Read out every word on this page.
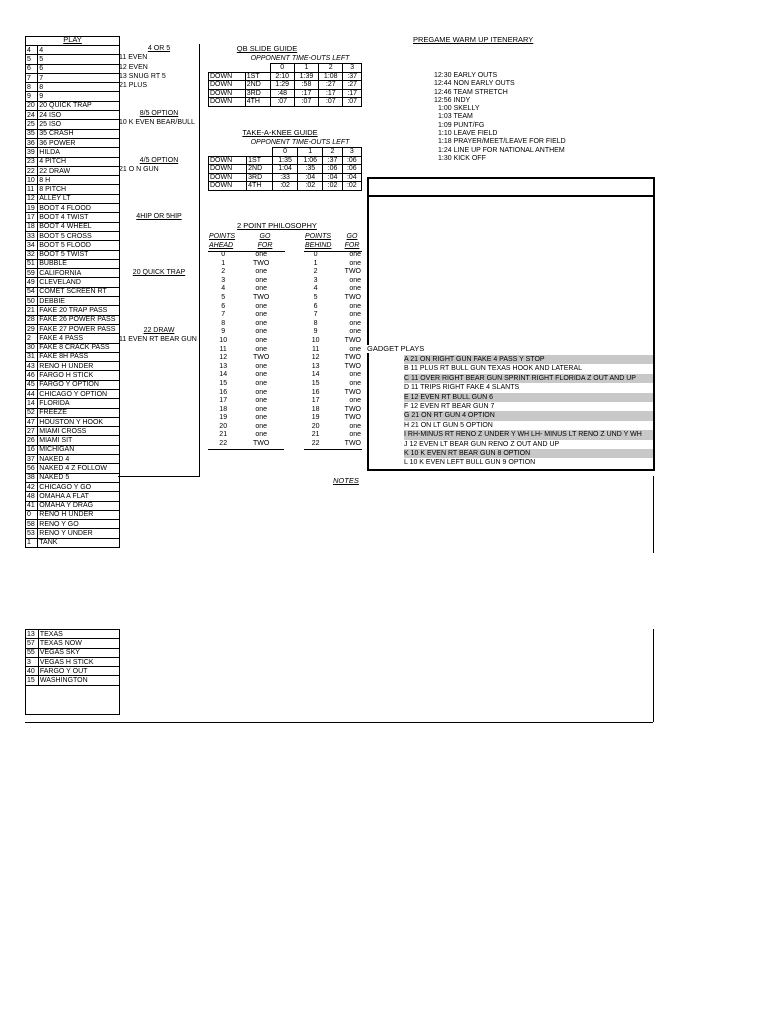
PLAY
4	4
5	5
6	6
7	7
8	8
9	9
20	20 QUICK TRAP
24	24 ISO
25	25 ISO
35	35 CRASH
36	36 POWER
39	HILDA
23	4 PITCH
22	22 DRAW
10	8 H
11	8 PITCH
12	ALLEY LT
19	BOOT 4 FLOOD
17	BOOT 4 TWIST
18	BOOT 4 WHEEL
33	BOOT 5 CROSS
34	BOOT 5 FLOOD
32	BOOT 5 TWIST
51	BUBBLE
59	CALIFORNIA
49	CLEVELAND
54	COMET SCREEN RT
50	DEBBIE
21	FAKE 20 TRAP PASS
28	FAKE 26 POWER PASS
29	FAKE 27 POWER PASS
2	FAKE 4 PASS
30	FAKE 8 CRACK PASS
31	FAKE 8H PASS
43	RENO H UNDER
46	FARGO H STICK
45	FARGO Y OPTION
44	CHICAGO Y OPTION
14	FLORIDA
52	FREEZE
47	HOUSTON Y HOOK
27	MIAMI CROSS
26	MIAMI SIT
16	MICHIGAN
37	NAKED 4
56	NAKED 4 Z FOLLOW
38	NAKED 5
42	CHICAGO Y GO
48	OMAHA A FLAT
41	OMAHA Y DRAG
0	RENO H UNDER
58	RENO Y GO
53	RENO Y UNDER
1	TANK
13	TEXAS
57	TEXAS NOW
55	VEGAS SKY
3	VEGAS H STICK
40	FARGO Y OUT
15	WASHINGTON

4 OR 5
11 EVEN
12 EVEN
13 SNUG RT 5
21 PLUS
8/5 OPTION
10 K EVEN BEAR/BULL
4/5 OPTION
21 O N GUN
4HIP OR 5HIP
20 QUICK TRAP
22 DRAW
11 EVEN RT BEAR GUN
QB SLIDE GUIDE
OPPONENT TIME-OUTS LEFT
		0	1	2	3
DOWN	1ST	2:10	1:39	1:08	:37
DOWN	2ND	1:29	:58	:27	:27
DOWN	3RD	:48	:17	:17	:17
DOWN	4TH	:07	:07	:07	:07
TAKE-A-KNEE GUIDE
OPPONENT TIME-OUTS LEFT
		0	1	2	3
DOWN	1ST	1:35	1:06	:37	:06
DOWN	2ND	1:04	:35	:06	:06
DOWN	3RD	:33	:04	:04	:04
DOWN	4TH	:02	:02	:02	:02
2 POINT PHILOSOPHY
POINTS
AHEAD
GO
FOR
POINTS
BEHIND
GO
FOR
0	one
1	TWO
2	one
3	one
4	one
5	TWO
6	one
7	one
8	one
9	one
10	one
11	one
12	TWO
13	one
14	one
15	one
16	one
17	one
18	one
19	one
20	one
21	one
22	TWO
0	one
1	one
2	TWO
3	one
4	one
5	TWO
6	one
7	one
8	one
9	one
10	TWO
11	one
12	TWO
13	TWO
14	one
15	one
16	TWO
17	one
18	TWO
19	TWO
20	one
21	one
22	TWO
PREGAME WARM UP ITENERARY
12:30 EARLY OUTS
12:44 NON EARLY OUTS
12:46 TEAM STRETCH
12:56 INDY
1:00 SKELLY
1:03 TEAM
1:09 PUNT/FG
1:10 LEAVE FIELD
1:18 PRAYER/MEET/LEAVE FOR FIELD
1:24 LINE UP FOR NATIONAL ANTHEM
1:30 KICK OFF
GADGET PLAYS
A 21 ON RIGHT GUN FAKE 4 PASS Y STOP
B 11 PLUS RT BULL GUN TEXAS HOOK AND LATERAL
C 11 OVER RIGHT BEAR GUN SPRINT RIGHT FLORIDA Z OUT AND UP
D 11 TRIPS RIGHT FAKE 4 SLANTS
E 12 EVEN RT BULL GUN 6
F 12 EVEN RT BEAR GUN 7
G 21 ON RT GUN 4 OPTION
H 21 ON LT GUN 5 OPTION
I RH-MINUS RT RENO Z UNDER Y WH LH- MINUS LT RENO Z UND Y WH
J 12 EVEN LT BEAR GUN RENO Z OUT AND UP
K 10 K EVEN RT BEAR GUN 8 OPTION
L 10 K EVEN LEFT BULL GUN 9 OPTION
NOTES
